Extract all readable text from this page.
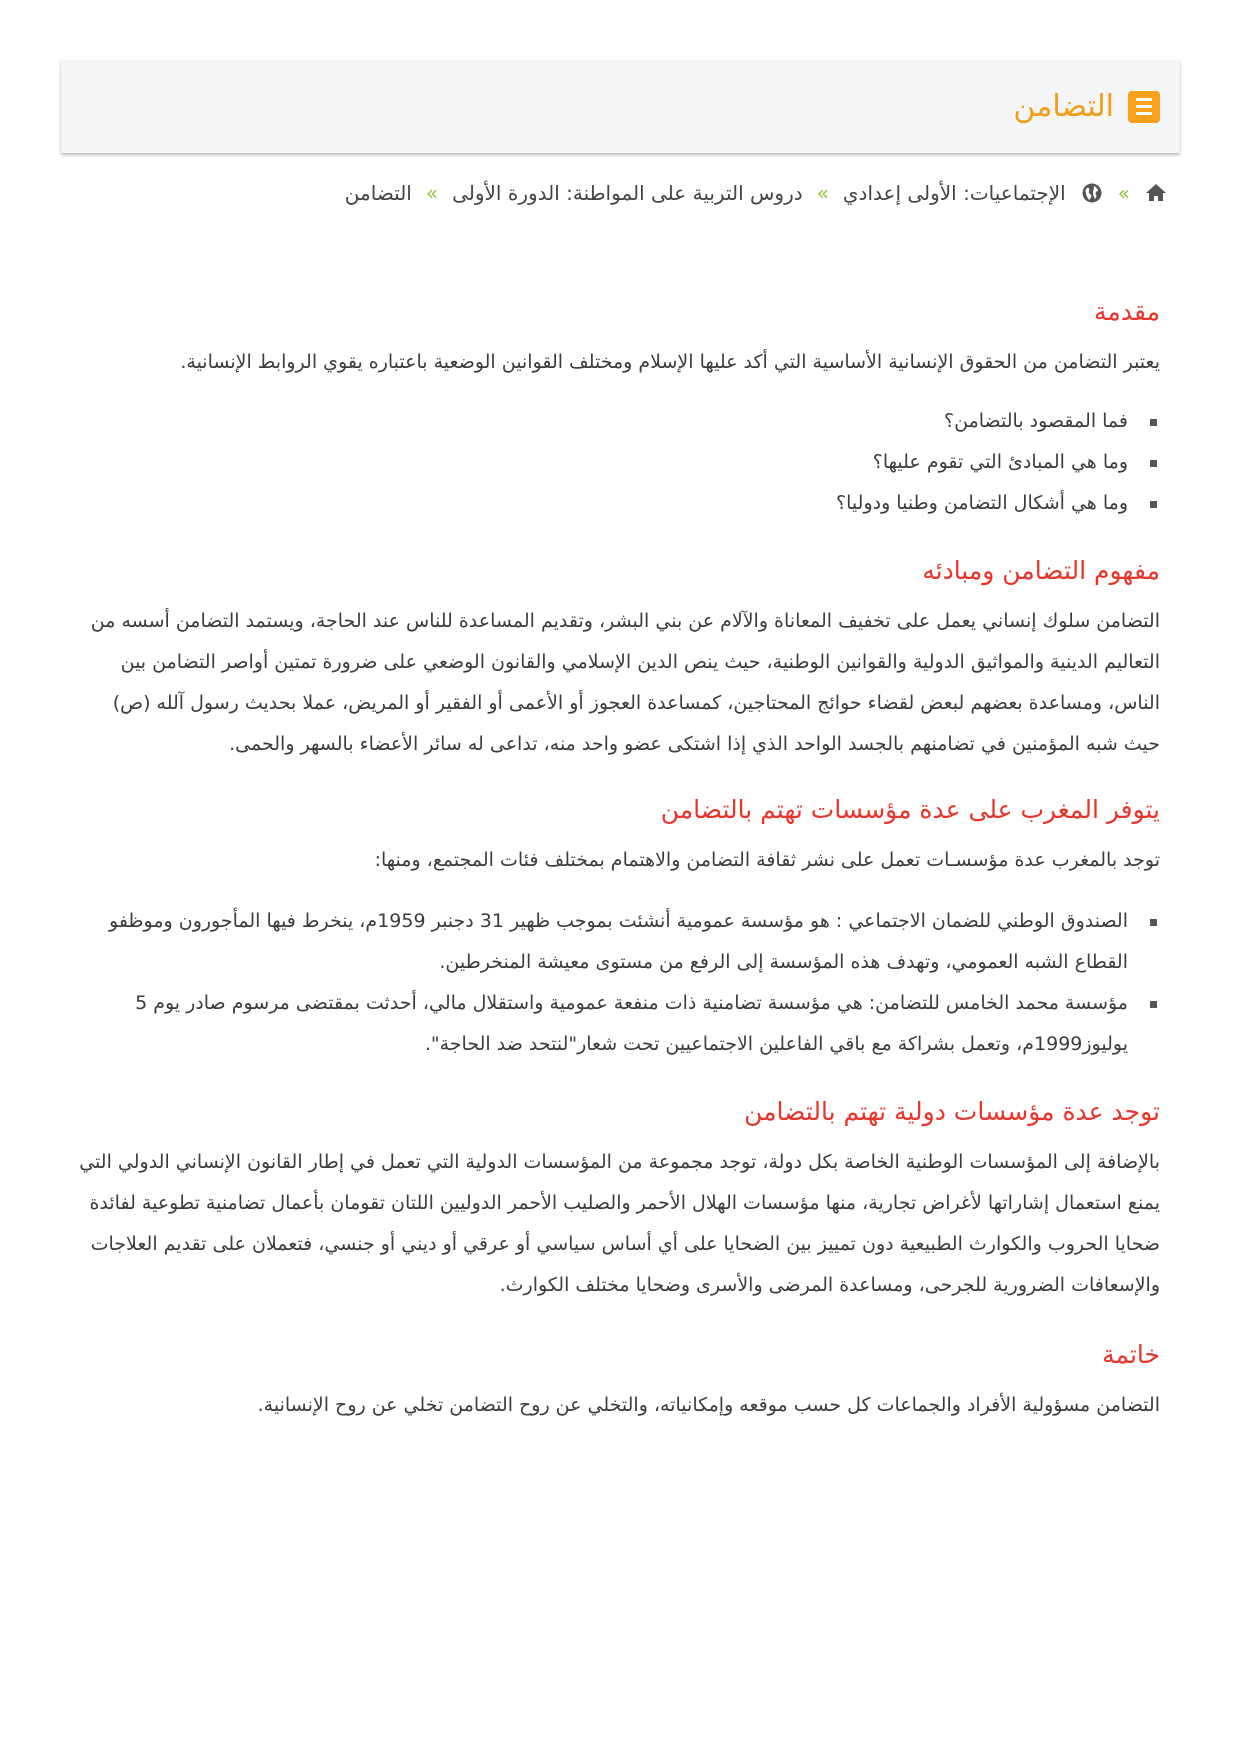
التضامن
»
الإجتماعيات: الأولى إعدادي
»
دروس التربية على المواطنة: الدورة الأولى
»
التضامن
مقدمة

يعتبر التضامن من الحقوق الإنسانية الأساسية التي أكد عليها الإسلام ومختلف القوانين الوضعية باعتباره يقوي الروابط الإنسانية.

فما المقصود بالتضامن؟
وما هي المبادئ التي تقوم عليها؟
وما هي أشكال التضامن وطنيا ودوليا؟
مفهوم التضامن ومبادئه

التضامن سلوك إنساني يعمل على تخفيف المعاناة والآلام عن بني البشر، وتقديم المساعدة للناس عند الحاجة، ويستمد التضامن أسسه من التعاليم الدينية والمواثيق الدولية والقوانين الوطنية، حيث ينص الدين الإسلامي والقانون الوضعي على ضرورة تمتين أواصر التضامن بين الناس، ومساعدة بعضهم لبعض لقضاء حوائج المحتاجين، كمساعدة العجوز أو الأعمى أو الفقير أو المريض، عملا بحديث رسول آلله (ص) حيث شبه المؤمنين في تضامنهم بالجسد الواحد الذي إذا اشتكى عضو واحد منه، تداعى له سائر الأعضاء بالسهر والحمى.

يتوفر المغرب على عدة مؤسسات تهتم بالتضامن

توجد بالمغرب عدة مؤسسـات تعمل على نشر ثقافة التضامن والاهتمام بمختلف فئات المجتمع، ومنها:

الصندوق الوطني للضمان الاجتماعي : هو مؤسسة عمومية أنشئت بموجب ظهير 31 دجنبر 1959م، ينخرط فيها المأجورون وموظفو القطاع الشبه العمومي، وتهدف هذه المؤسسة إلى الرفع من مستوى معيشة المنخرطين.
مؤسسة محمد الخامس للتضامن: هي مؤسسة تضامنية ذات منفعة عمومية واستقلال مالي، أحدثت بمقتضى مرسوم صادر يوم 5 يوليوز1999م، وتعمل بشراكة مع باقي الفاعلين الاجتماعيين تحت شعار"لنتحد ضد الحاجة".
توجد عدة مؤسسات دولية تهتم بالتضامن

بالإضافة إلى المؤسسات الوطنية الخاصة بكل دولة، توجد مجموعة من المؤسسات الدولية التي تعمل في إطار القانون الإنساني الدولي التي يمنع استعمال إشاراتها لأغراض تجارية، منها مؤسسات الهلال الأحمر والصليب الأحمر الدوليين اللتان تقومان بأعمال تضامنية تطوعية لفائدة ضحايا الحروب والكوارث الطبيعية دون تمييز بين الضحايا على أي أساس سياسي أو عرقي أو ديني أو جنسي، فتعملان على تقديم العلاجات والإسعافات الضرورية للجرحى، ومساعدة المرضى والأسرى وضحايا مختلف الكوارث.

خاتمة

التضامن مسؤولية الأفراد والجماعات كل حسب موقعه وإمكانياته، والتخلي عن روح التضامن تخلي عن روح الإنسانية.
